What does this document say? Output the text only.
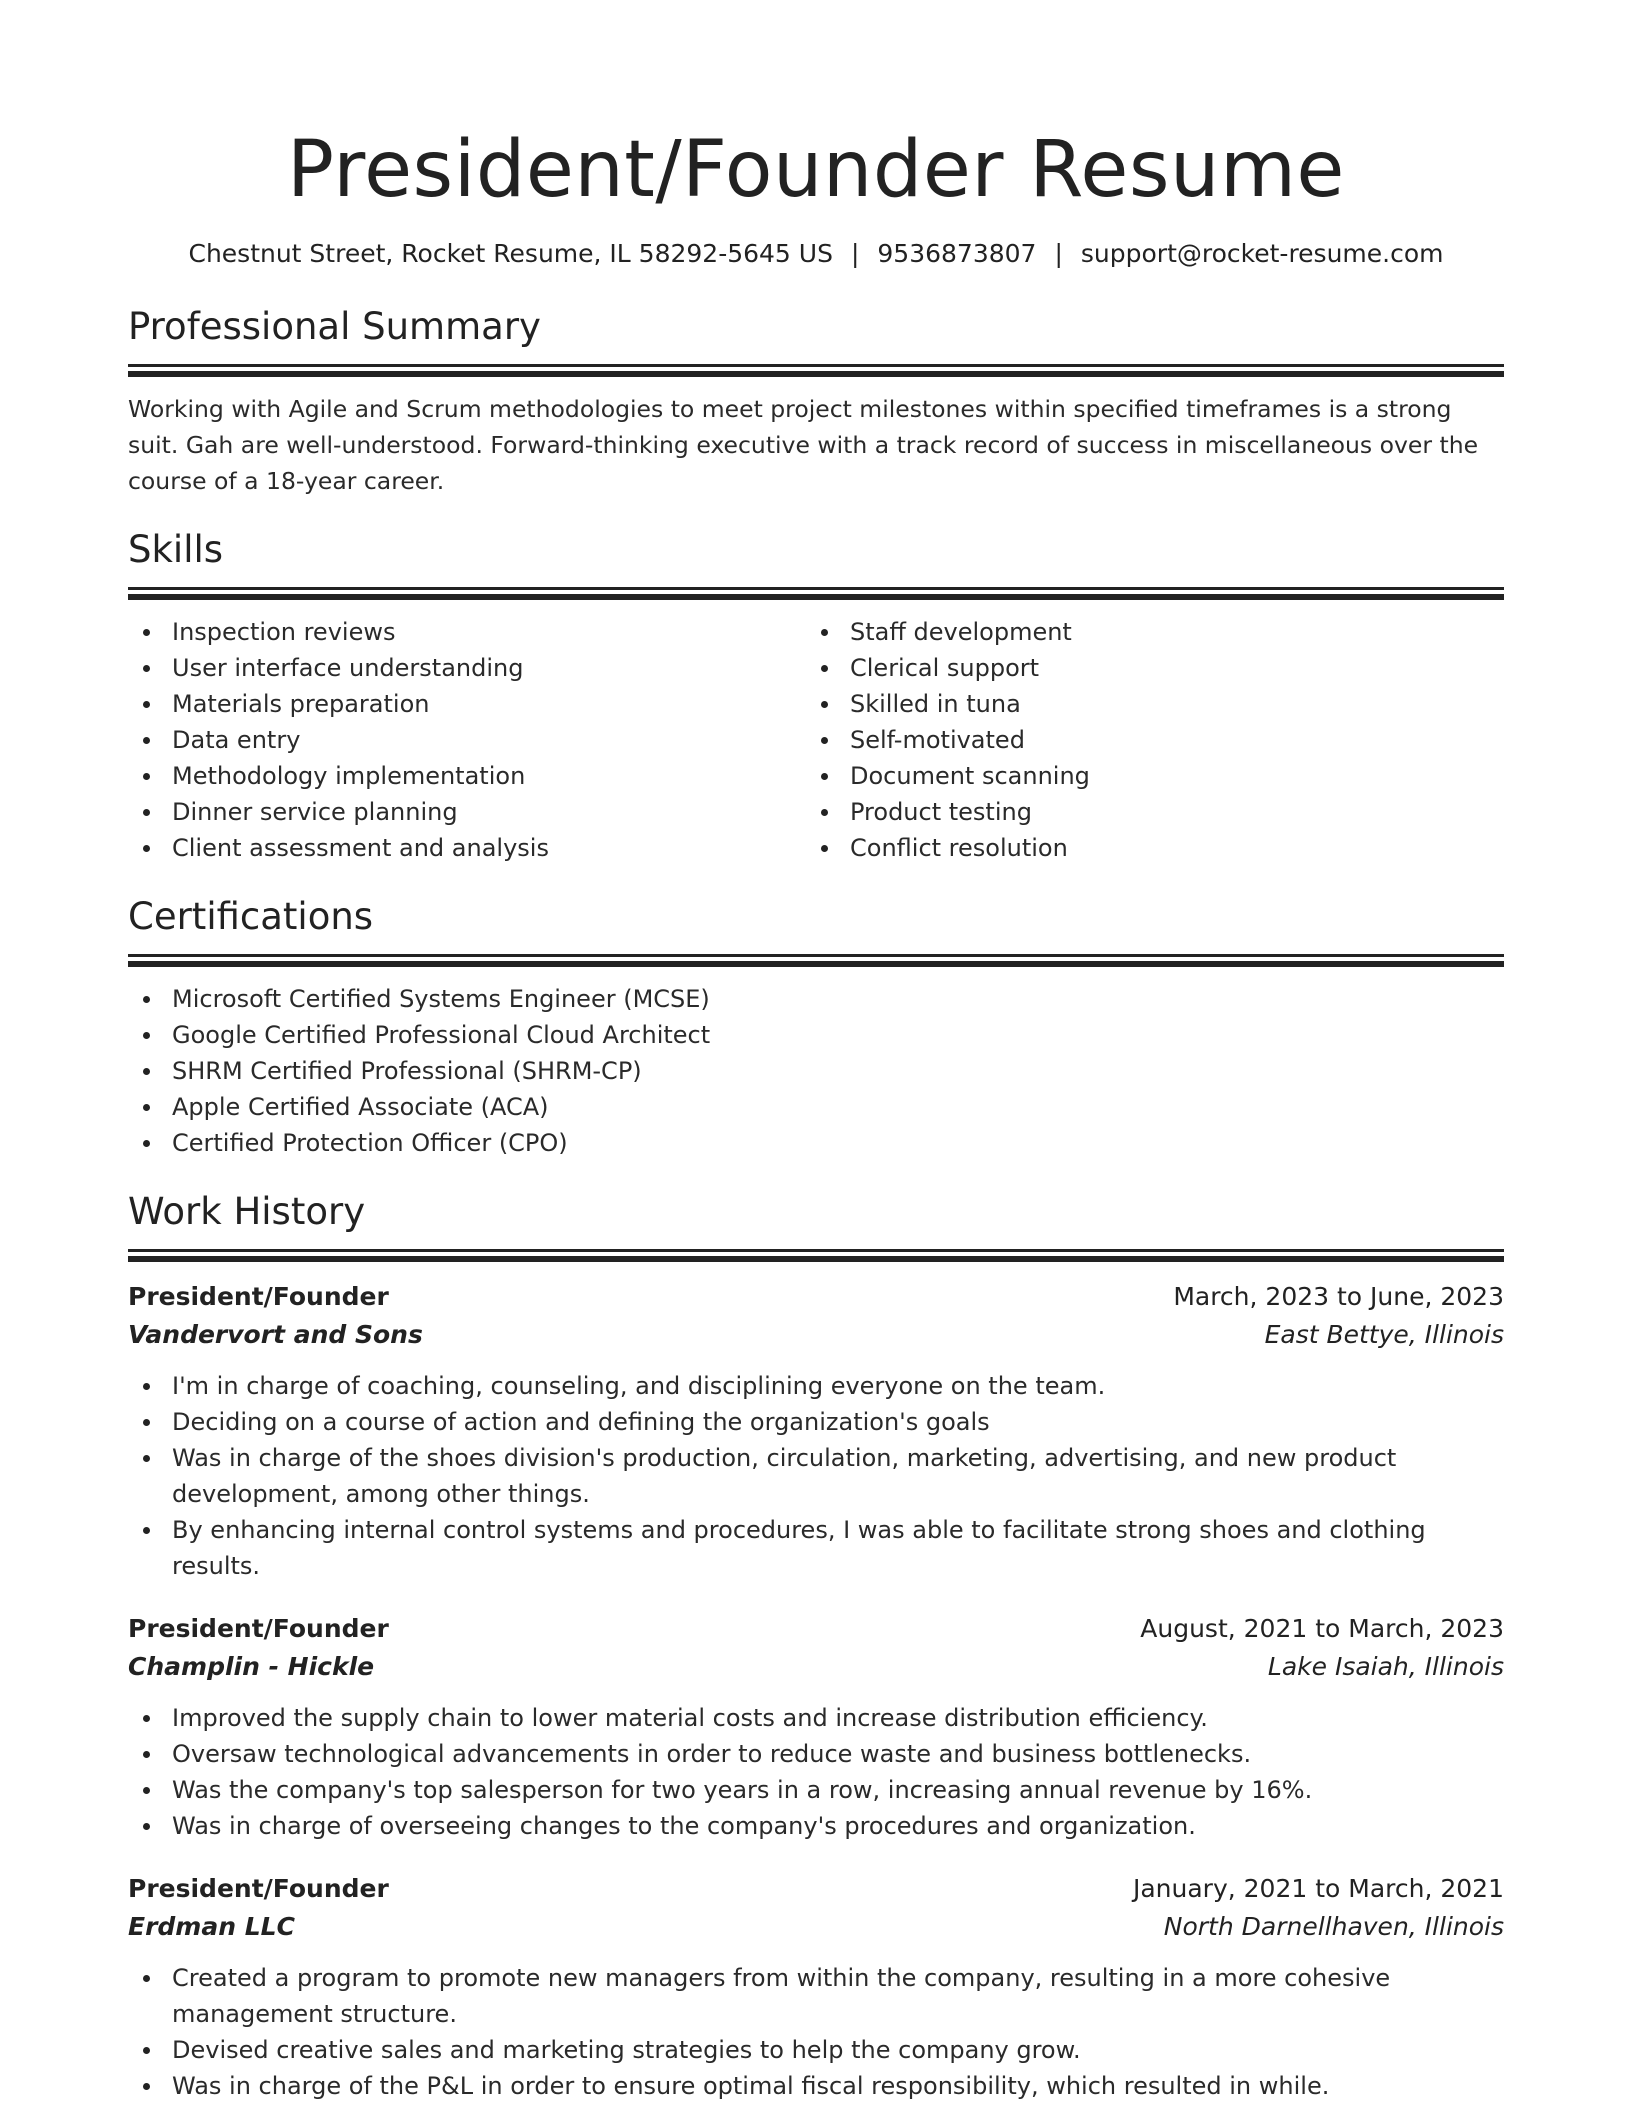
President/Founder Resume
Chestnut Street, Rocket Resume, IL 58292-5645 US | 9536873807 | support@rocket-resume.com
Professional Summary
Working with Agile and Scrum methodologies to meet project milestones within specified timeframes is a strong suit. Gah are well-understood. Forward-thinking executive with a track record of success in miscellaneous over the course of a 18-year career.
Skills
Inspection reviews
User interface understanding
Materials preparation
Data entry
Methodology implementation
Dinner service planning
Client assessment and analysis
Staff development
Clerical support
Skilled in tuna
Self-motivated
Document scanning
Product testing
Conflict resolution
Certifications
Microsoft Certified Systems Engineer (MCSE)
Google Certified Professional Cloud Architect
SHRM Certified Professional (SHRM-CP)
Apple Certified Associate (ACA)
Certified Protection Officer (CPO)
Work History
President/Founder	March, 2023 to June, 2023
Vandervort and Sons	East Bettye, Illinois
I'm in charge of coaching, counseling, and disciplining everyone on the team.
Deciding on a course of action and defining the organization's goals
Was in charge of the shoes division's production, circulation, marketing, advertising, and new product development, among other things.
By enhancing internal control systems and procedures, I was able to facilitate strong shoes and clothing results.
President/Founder	August, 2021 to March, 2023
Champlin - Hickle	Lake Isaiah, Illinois
Improved the supply chain to lower material costs and increase distribution efficiency.
Oversaw technological advancements in order to reduce waste and business bottlenecks.
Was the company's top salesperson for two years in a row, increasing annual revenue by 16%.
Was in charge of overseeing changes to the company's procedures and organization.
President/Founder	January, 2021 to March, 2021
Erdman LLC	North Darnellhaven, Illinois
Created a program to promote new managers from within the company, resulting in a more cohesive management structure.
Devised creative sales and marketing strategies to help the company grow.
Was in charge of the P&L in order to ensure optimal fiscal responsibility, which resulted in while.
